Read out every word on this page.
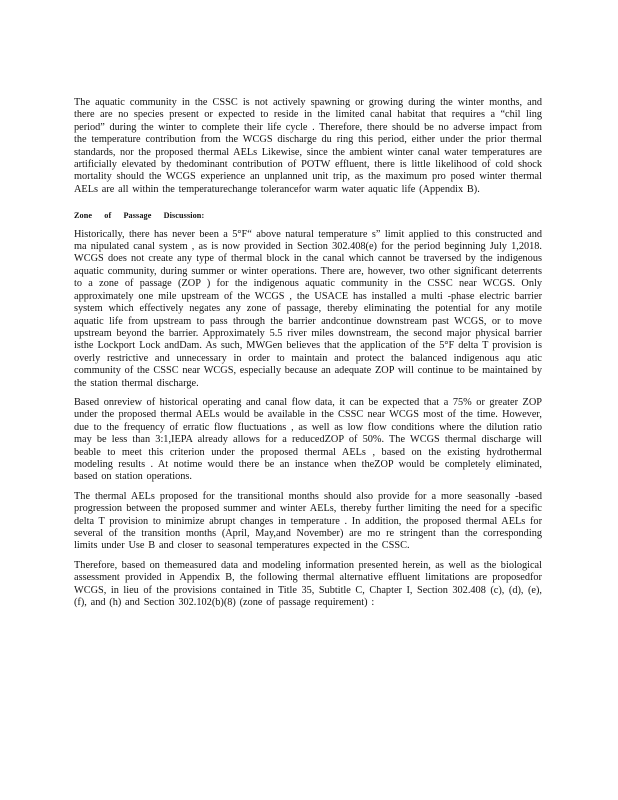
The aquatic community in the CSSC is not actively spawning or growing during the winter months, and there are no species present or expected to reside in the limited canal habitat that requires a “chil ling period” during the winter to complete their life cycle . Therefore, there should be no adverse impact from the temperature contribution from the WCGS discharge du ring this period, either under the prior thermal standards, nor the proposed thermal AELs Likewise, since the ambient winter canal water temperatures are artificially elevated by thedominant contribution of POTW effluent, there is little likelihood of cold shock mortality should the WCGS experience an unplanned unit trip, as the maximum pro posed winter thermal AELs are all within the temperaturechange tolerancefor warm water aquatic life (Appendix B).

Zone of Passage Discussion:

Historically, there has never been a 5°F“ above natural temperature s” limit applied to this constructed and ma nipulated canal system , as is now provided in Section 302.408(e) for the period beginning July 1,2018. WCGS does not create any type of thermal block in the canal which cannot be traversed by the indigenous aquatic community, during summer or winter operations. There are, however, two other significant deterrents to a zone of passage (ZOP ) for the indigenous aquatic community in the CSSC near WCGS. Only approximately one mile upstream of the WCGS , the USACE has installed a multi -phase electric barrier system which effectively negates any zone of passage, thereby eliminating the potential for any motile aquatic life from upstream to pass through the barrier andcontinue downstream past WCGS, or to move upstream beyond the barrier. Approximately 5.5 river miles downstream, the second major physical barrier isthe Lockport Lock andDam. As such, MWGen believes that the application of the 5°F delta T provision is overly restrictive and unnecessary in order to maintain and protect the balanced indigenous aqu atic community of the CSSC near WCGS, especially because an adequate ZOP will continue to be maintained by the station thermal discharge.

Based onreview of historical operating and canal flow data, it can be expected that a 75% or greater ZOP under the proposed thermal AELs would be available in the CSSC near WCGS most of the time. However, due to the frequency of erratic flow fluctuations , as well as low flow conditions where the dilution ratio may be less than 3:1,IEPA already allows for a reducedZOP of 50%. The WCGS thermal discharge will beable to meet this criterion under the proposed thermal AELs , based on the existing hydrothermal modeling results . At notime would there be an instance when theZOP would be completely eliminated, based on station operations.

The thermal AELs proposed for the transitional months should also provide for a more seasonally -based progression between the proposed summer and winter AELs, thereby further limiting the need for a specific delta T provision to minimize abrupt changes in temperature . In addition, the proposed thermal AELs for several of the transition months (April, May,and November) are mo re stringent than the corresponding limits under Use B and closer to seasonal temperatures expected in the CSSC.

Therefore, based on themeasured data and modeling information presented herein, as well as the biological assessment provided in Appendix B, the following thermal alternative effluent limitations are proposedfor WCGS, in lieu of the provisions contained in Title 35, Subtitle C, Chapter I, Section 302.408 (c), (d), (e), (f), and (h) and Section 302.102(b)(8) (zone of passage requirement) :
